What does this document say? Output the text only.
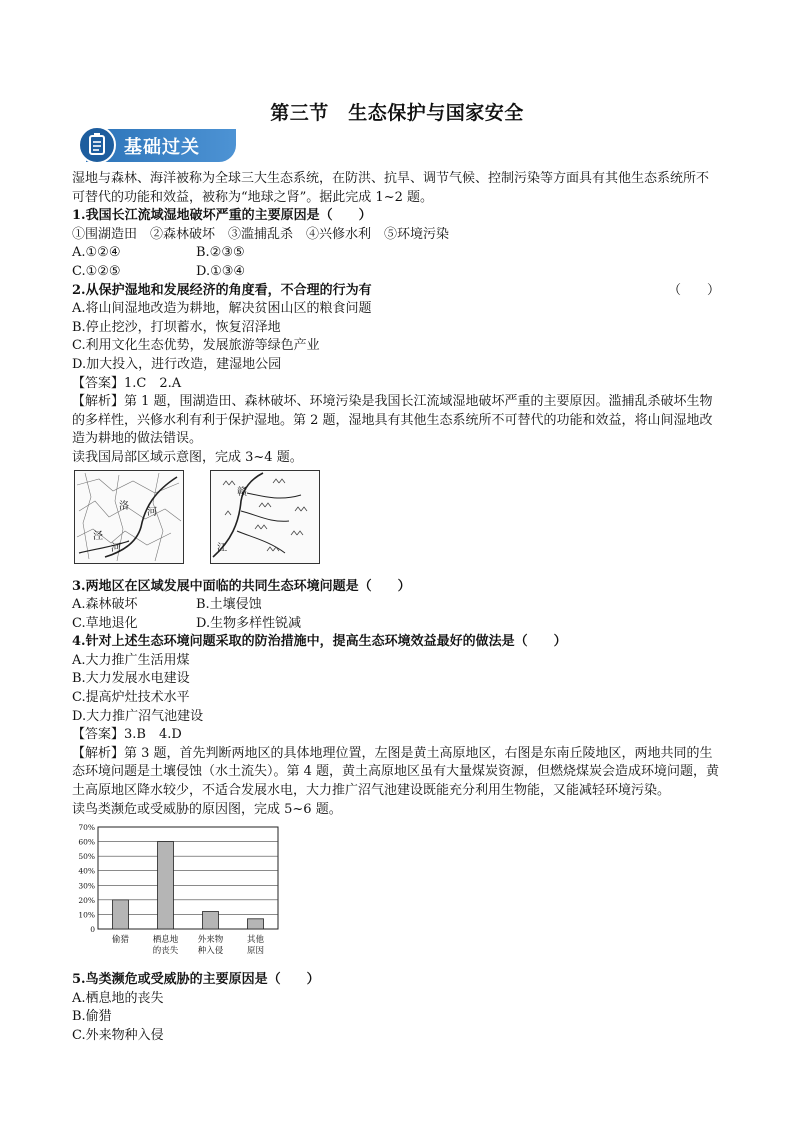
第三节　生态保护与国家安全
基础过关

湿地与森林、海洋被称为全球三大生态系统，在防洪、抗旱、调节气候、控制污染等方面具有其他生态系统所不可替代的功能和效益，被称为“地球之肾”。据此完成 1~2 题。

1.我国长江流域湿地破坏严重的主要原因是（　　）

①围湖造田　②森林破坏　③滥捕乱杀　④兴修水利　⑤环境污染

A.①②④	B.②③⑤
C.①②⑤	D.①③④

2.从保护湿地和发展经济的角度看，不合理的行为有	（　　）

A.将山间湿地改造为耕地，解决贫困山区的粮食问题

B.停止挖沙，打坝蓄水，恢复沼泽地

C.利用文化生态优势，发展旅游等绿色产业

D.加大投入，进行改造，建湿地公园

【答案】1.C　2.A

【解析】第 1 题，围湖造田、森林破坏、环境污染是我国长江流域湿地破坏严重的主要原因。滥捕乱杀破坏生物的多样性，兴修水利有利于保护湿地。第 2 题，湿地具有其他生态系统所不可替代的功能和效益，将山间湿地改造为耕地的做法错误。

读我国局部区域示意图，完成 3~4 题。

洛
河
泾
河
赣
江

3.两地区在区域发展中面临的共同生态环境问题是（　　）

A.森林破坏	B.土壤侵蚀
C.草地退化	D.生物多样性锐减

4.针对上述生态环境问题采取的防治措施中，提高生态环境效益最好的做法是（　　）

A.大力推广生活用煤

B.大力发展水电建设

C.提高炉灶技术水平

D.大力推广沼气池建设

【答案】3.B　4.D

【解析】第 3 题，首先判断两地区的具体地理位置，左图是黄土高原地区，右图是东南丘陵地区，两地共同的生态环境问题是土壤侵蚀（水土流失）。第 4 题，黄土高原地区虽有大量煤炭资源，但燃烧煤炭会造成环境问题，黄土高原地区降水较少，不适合发展水电，大力推广沼气池建设既能充分利用生物能，又能减轻环境污染。

读鸟类濒危或受威胁的原因图，完成 5~6 题。

0
10%
20%
30%
40%
50%
60%
70%
偷猎	栖息地
的丧失
外来物
种入侵
其他
原因

5.鸟类濒危或受威胁的主要原因是（　　）

A.栖息地的丧失

B.偷猎

C.外来物种入侵
